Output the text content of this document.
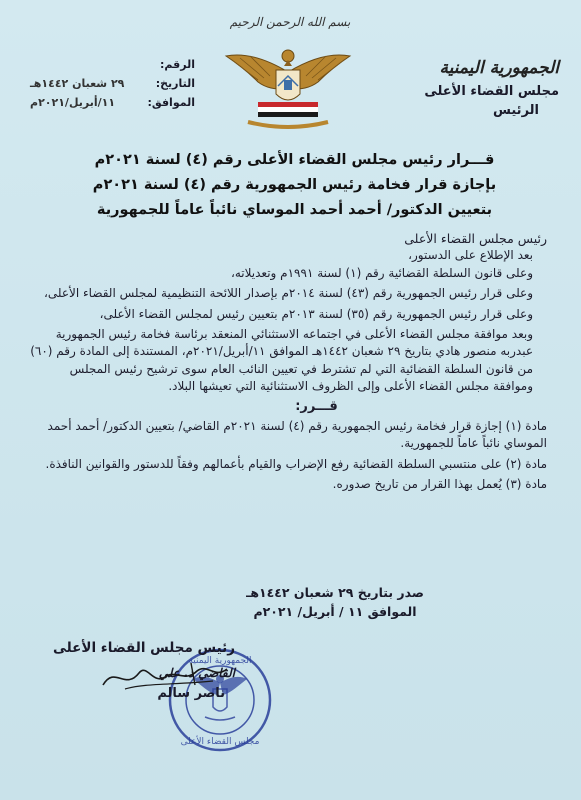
الجمهورية اليمنية
مجلس القضاء الأعلى
الرئيس
بسم الله الرحمن الرحيم
الرقم:
التاريخ:
٢٩ شعبان ١٤٤٢هـ
الموافق:
١١/أبريل/٢٠٢١م
قـــرار رئيس مجلس القضاء الأعلى رقم (٤) لسنة ٢٠٢١م
بإجازة قرار فخامة رئيس الجمهورية رقم (٤) لسنة ٢٠٢١م
بتعيين الدكتور/ أحمد أحمد الموساي نائباً عاماً للجمهورية

رئيس مجلس القضاء الأعلى

بعد الإطلاع على الدستور،

وعلى قانون السلطة القضائية رقم (١) لسنة ١٩٩١م وتعديلاته،

وعلى قرار رئيس الجمهورية رقم (٤٣) لسنة ٢٠١٤م بإصدار اللائحة التنظيمية لمجلس القضاء الأعلى،

وعلى قرار رئيس الجمهورية رقم (٣٥) لسنة ٢٠١٣م بتعيين رئيس لمجلس القضاء الأعلى،

وبعد موافقة مجلس القضاء الأعلى في اجتماعه الاستثنائي المنعقد برئاسة فخامة رئيس الجمهورية عبدربه منصور هادي بتاريخ ٢٩ شعبان ١٤٤٢هـ الموافق ١١/أبريل/٢٠٢١م، المستندة إلى المادة رقم (٦٠) من قانون السلطة القضائية التي لم تشترط في تعيين النائب العام سوى ترشيح رئيس المجلس وموافقة مجلس القضاء الأعلى وإلى الظروف الاستثنائية التي تعيشها البلاد.

قـــرر:

مادة (١) إجازة قرار فخامة رئيس الجمهورية رقم (٤) لسنة ٢٠٢١م القاضي/ بتعيين الدكتور/ أحمد أحمد الموساي نائباً عاماً للجمهورية.

مادة (٢) على منتسبي السلطة القضائية رفع الإضراب والقيام بأعمالهم وفقاً للدستور والقوانين النافذة.

مادة (٣) يُعمل بهذا القرار من تاريخ صدوره.

صدر بتاريخ ٢٩ شعبان ١٤٤٢هـ
الموافق ١١ / أبريل/ ٢٠٢١م
الجمهورية اليمنية
مجلس القضاء الأعلى
رئيس مجلس القضاء الأعلى
القاضي د. علي
ناصر سالم
